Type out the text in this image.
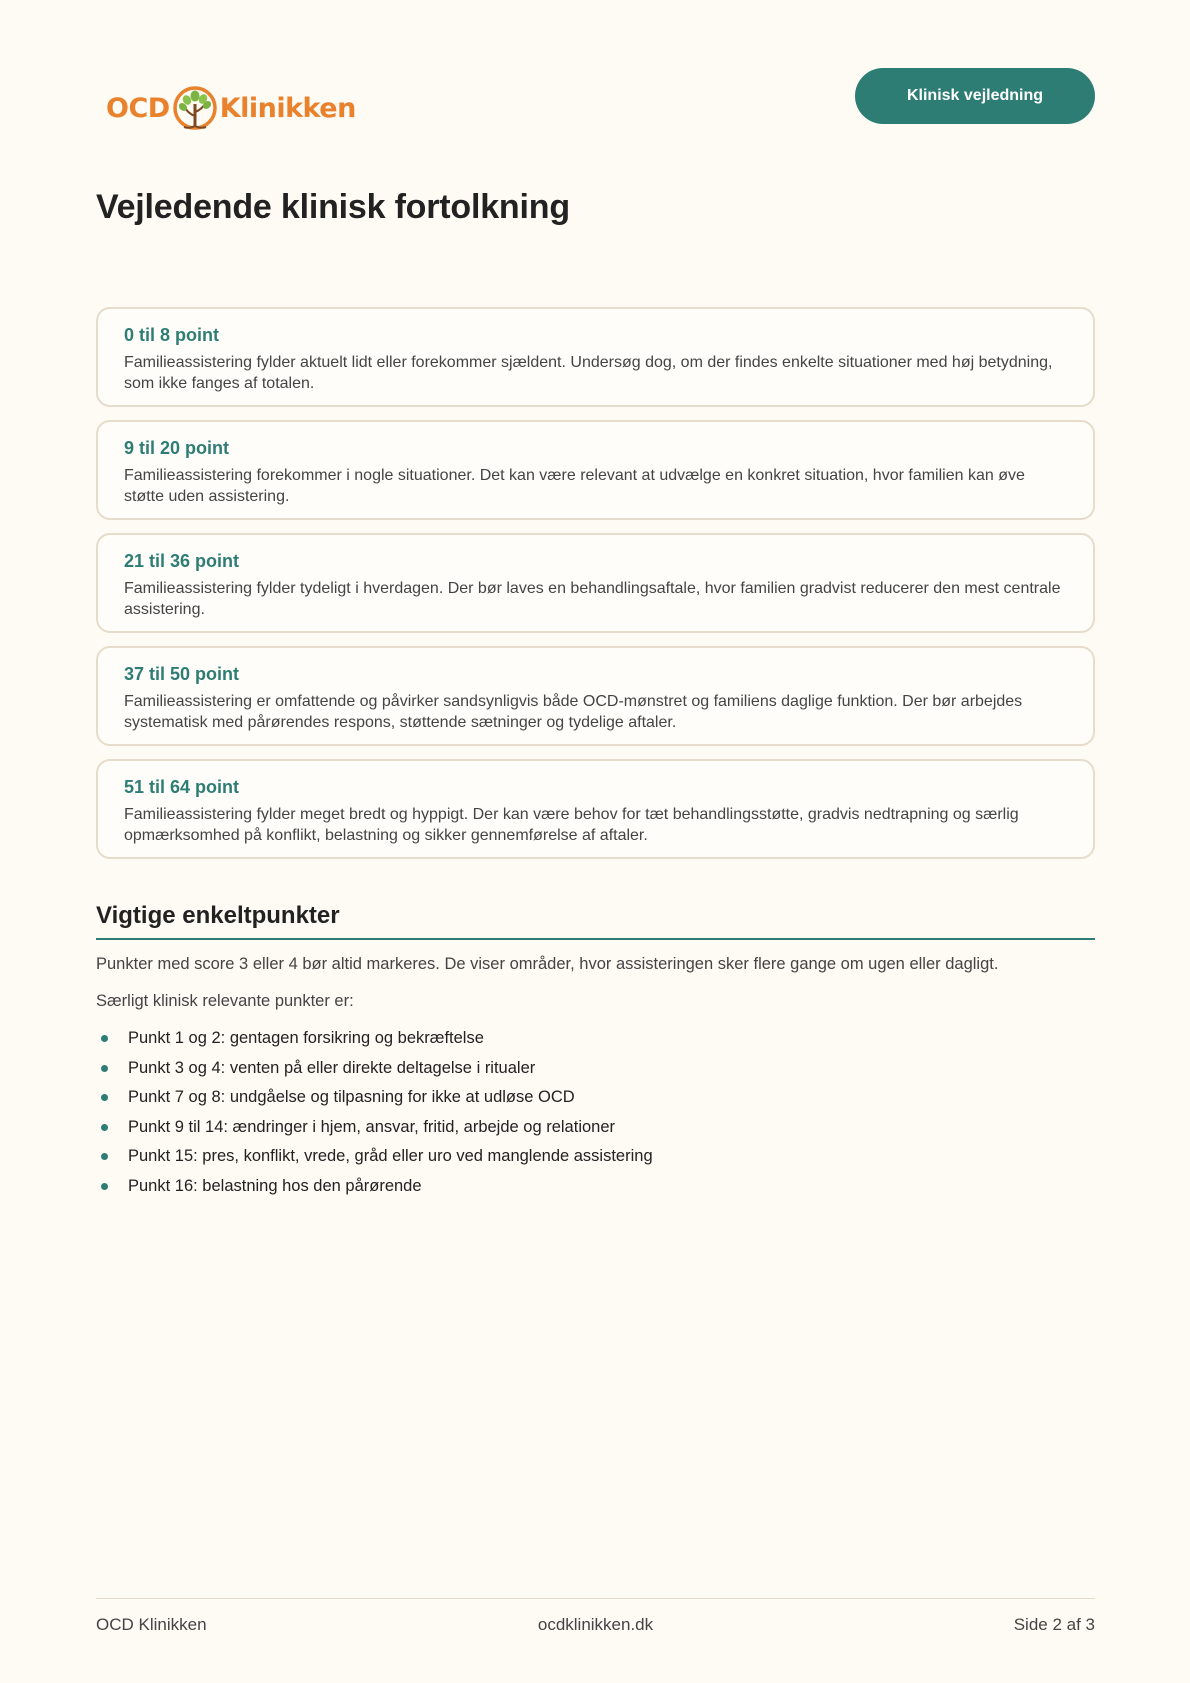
OCD Klinikken	Klinisk vejledning
Vejledende klinisk fortolkning

0 til 8 point

Familieassistering fylder aktuelt lidt eller forekommer sjældent. Undersøg dog, om der findes enkelte situationer med høj betydning, som ikke fanges af totalen.

9 til 20 point

Familieassistering forekommer i nogle situationer. Det kan være relevant at udvælge en konkret situation, hvor familien kan øve støtte uden assistering.

21 til 36 point

Familieassistering fylder tydeligt i hverdagen. Der bør laves en behandlingsaftale, hvor familien gradvist reducerer den mest centrale assistering.

37 til 50 point

Familieassistering er omfattende og påvirker sandsynligvis både OCD-mønstret og familiens daglige funktion. Der bør arbejdes systematisk med pårørendes respons, støttende sætninger og tydelige aftaler.

51 til 64 point

Familieassistering fylder meget bredt og hyppigt. Der kan være behov for tæt behandlingsstøtte, gradvis nedtrapning og særlig opmærksomhed på konflikt, belastning og sikker gennemførelse af aftaler.

Vigtige enkeltpunkter

Punkter med score 3 eller 4 bør altid markeres. De viser områder, hvor assisteringen sker flere gange om ugen eller dagligt.

Særligt klinisk relevante punkter er:

Punkt 1 og 2: gentagen forsikring og bekræftelse
Punkt 3 og 4: venten på eller direkte deltagelse i ritualer
Punkt 7 og 8: undgåelse og tilpasning for ikke at udløse OCD
Punkt 9 til 14: ændringer i hjem, ansvar, fritid, arbejde og relationer
Punkt 15: pres, konflikt, vrede, gråd eller uro ved manglende assistering
Punkt 16: belastning hos den pårørende
OCD Klinikken	ocdklinikken.dk	Side 2 af 3
